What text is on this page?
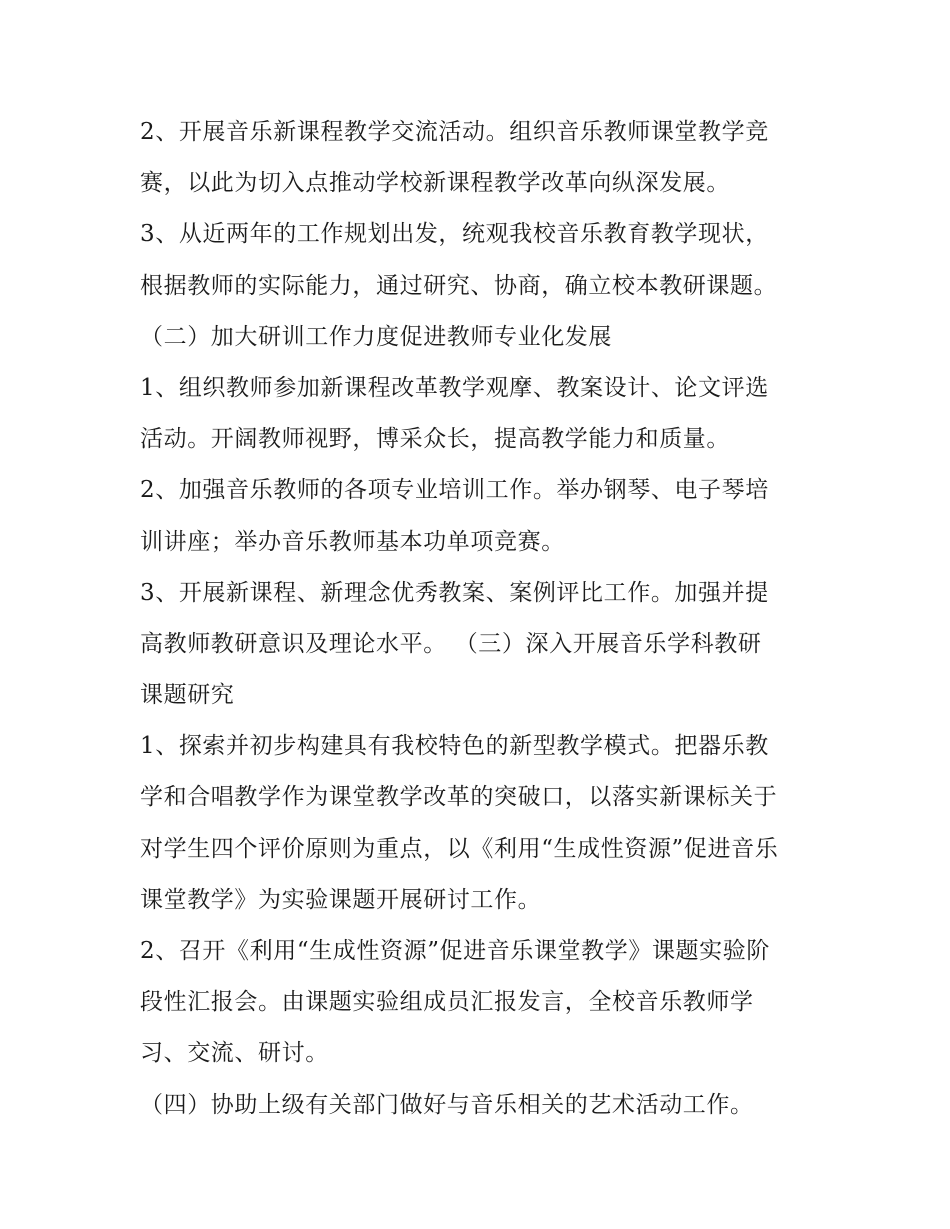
2、开展音乐新课程教学交流活动。组织音乐教师课堂教学竞
赛，以此为切入点推动学校新课程教学改革向纵深发展。
3、从近两年的工作规划出发，统观我校音乐教育教学现状，
根据教师的实际能力，通过研究、协商，确立校本教研课题。
（二）加大研训工作力度促进教师专业化发展
1、组织教师参加新课程改革教学观摩、教案设计、论文评选
活动。开阔教师视野，博采众长，提高教学能力和质量。
2、加强音乐教师的各项专业培训工作。举办钢琴、电子琴培
训讲座；举办音乐教师基本功单项竞赛。
3、开展新课程、新理念优秀教案、案例评比工作。加强并提
高教师教研意识及理论水平。 （三）深入开展音乐学科教研
课题研究
1、探索并初步构建具有我校特色的新型教学模式。把器乐教
学和合唱教学作为课堂教学改革的突破口，以落实新课标关于
对学生四个评价原则为重点，以《利用“生成性资源”促进音乐
课堂教学》为实验课题开展研讨工作。
2、召开《利用“生成性资源”促进音乐课堂教学》课题实验阶
段性汇报会。由课题实验组成员汇报发言，全校音乐教师学
习、交流、研讨。
（四）协助上级有关部门做好与音乐相关的艺术活动工作。
